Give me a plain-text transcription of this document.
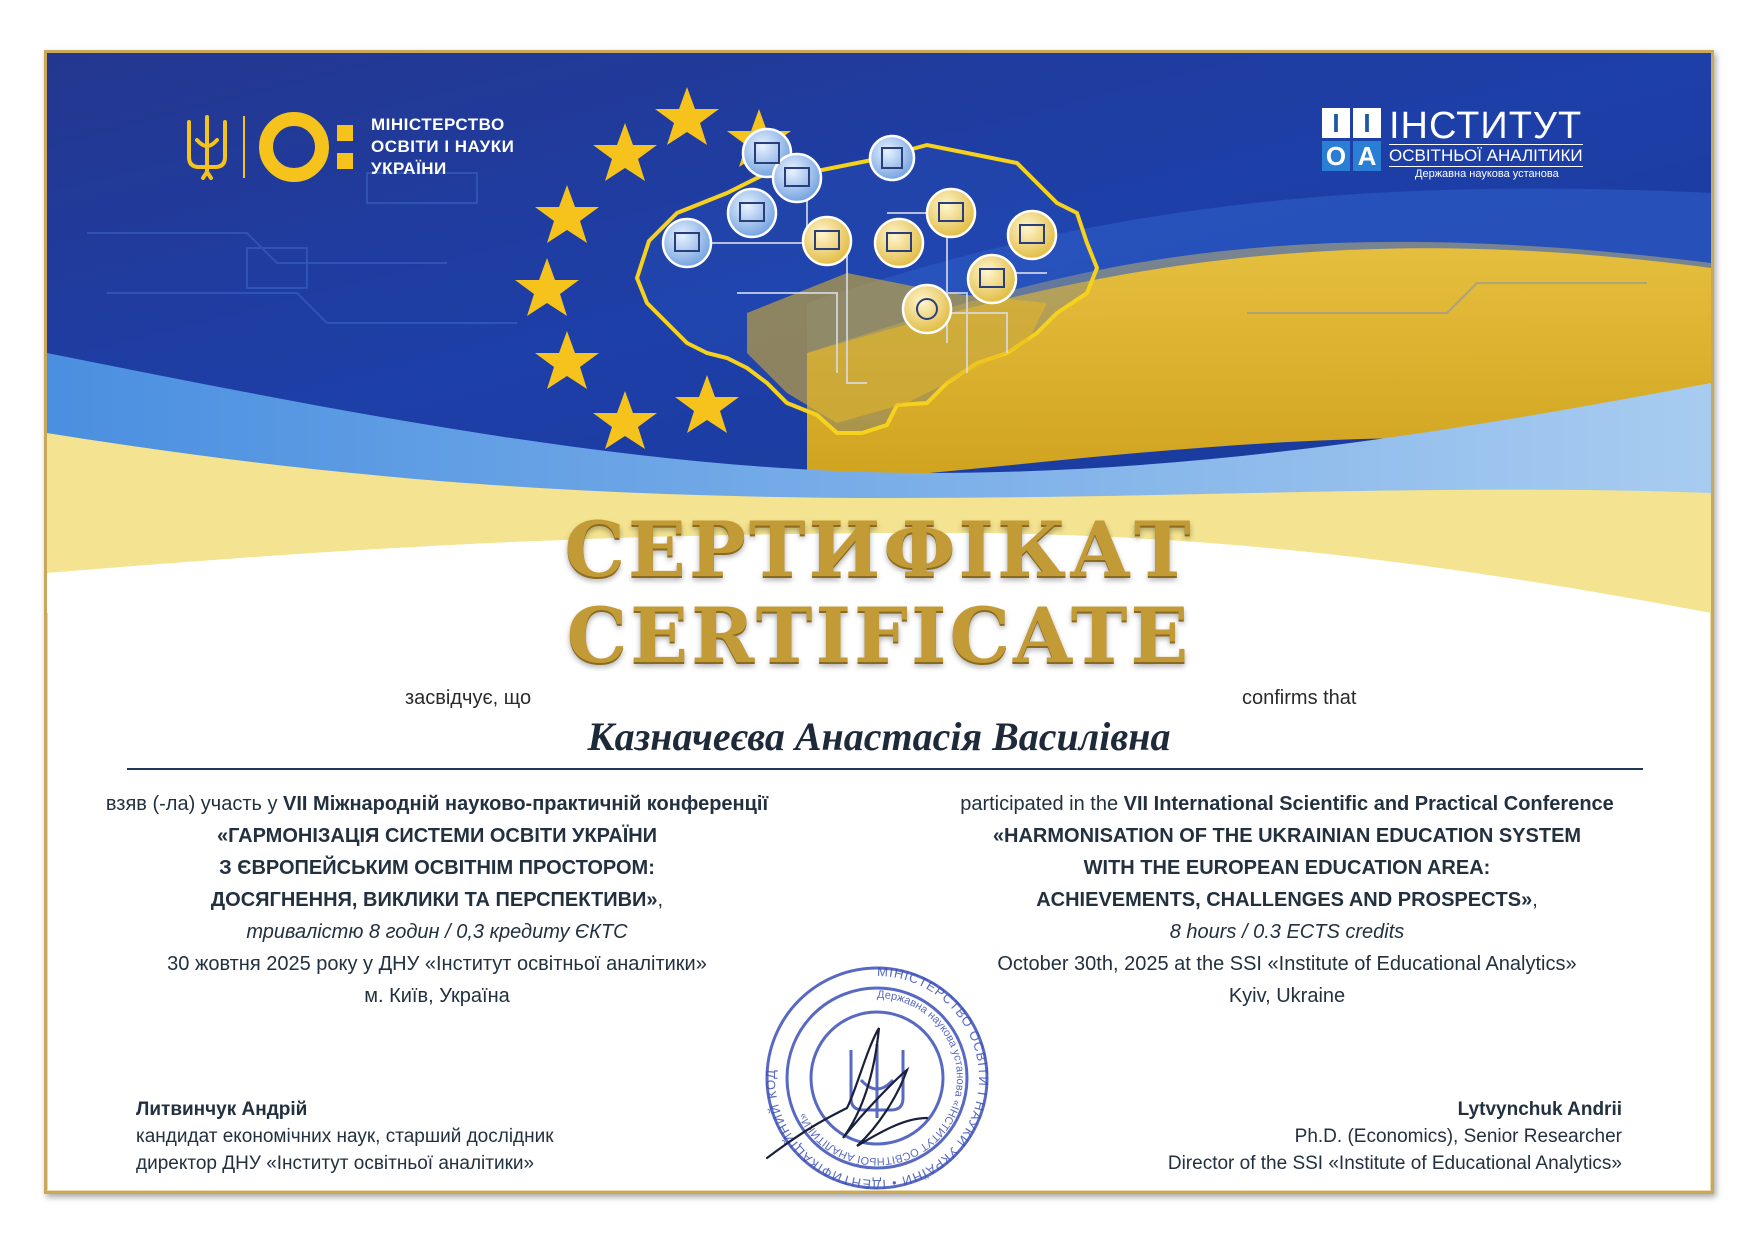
МІНІСТЕРСТВО
ОСВІТИ І НАУКИ
УКРАЇНИ
І І
О А
ІНСТИТУТ
ОСВІТНЬОЇ АНАЛІТИКИ
Державна наукова установа
СЕРТИФІКАТ
CERTIFICATE
засвідчує, що	confirms that
Казначеєва Анастасія Василівна
взяв (-ла) участь у VII Міжнародній науково-практичній конференції
«ГАРМОНІЗАЦІЯ СИСТЕМИ ОСВІТИ УКРАЇНИ
З ЄВРОПЕЙСЬКИМ ОСВІТНІМ ПРОСТОРОМ:
ДОСЯГНЕННЯ, ВИКЛИКИ ТА ПЕРСПЕКТИВИ»,
тривалістю 8 годин / 0,3 кредиту ЄКТС
30 жовтня 2025 року у ДНУ «Інститут освітньої аналітики»
м. Київ, Україна
participated in the VII International Scientific and Practical Conference
«HARMONISATION OF THE UKRAINIAN EDUCATION SYSTEM
WITH THE EUROPEAN EDUCATION AREA:
ACHIEVEMENTS, CHALLENGES AND PROSPECTS»,
8 hours / 0.3 ECTS credits
October 30th, 2025 at the SSI «Institute of Educational Analytics»
Kyiv, Ukraine
Литвинчук Андрій
кандидат економічних наук, старший дослідник
директор ДНУ «Інститут освітньої аналітики»
Lytvynchuk Andrii
Ph.D. (Economics), Senior Researcher
Director of the SSI «Institute of Educational Analytics»
МІНІСТЕРСТВО ОСВІТИ І НАУКИ УКРАЇНИ • ІДЕНТИФІКАЦІЙНИЙ КОД
Державна наукова установа «ІНСТИТУТ ОСВІТНЬОЇ АНАЛІТИКИ»
